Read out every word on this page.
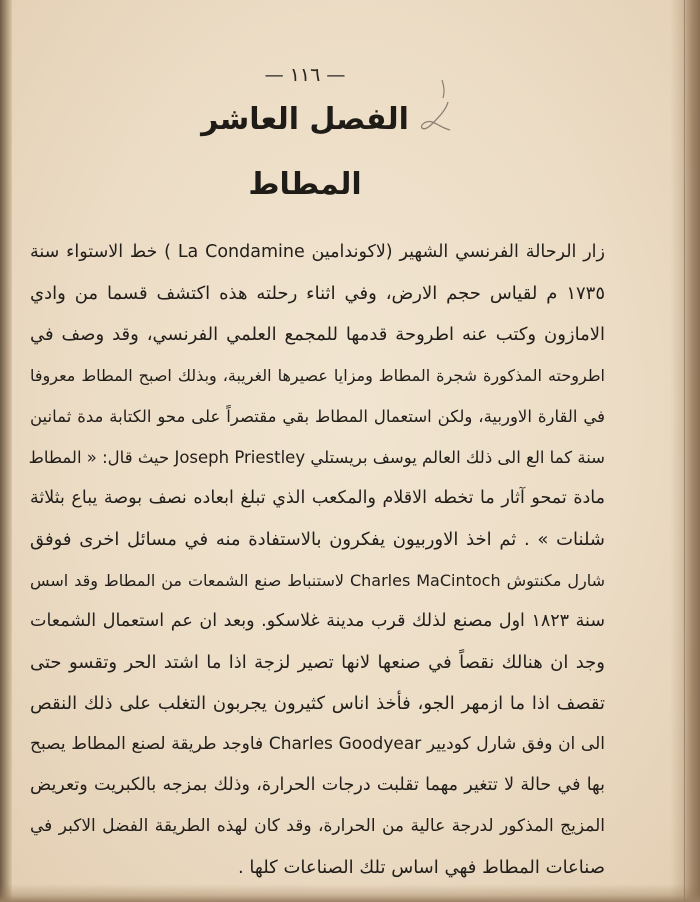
— ١١٦ —
الفصل العاشر
المطاط
زار الرحالة الفرنسي الشهير (لاكوندامين La Condamine ) خط الاستواء سنة
١٧٣٥ م لقياس حجم الارض، وفي اثناء رحلته هذه اكتشف قسما من وادي
الامازون وكتب عنه اطروحة قدمها للمجمع العلمي الفرنسي، وقد وصف في
اطروحته المذكورة شجرة المطاط ومزايا عصيرها الغريبة، وبذلك اصبح المطاط معروفا
في القارة الاوربية، ولكن استعمال المطاط بقي مقتصراً على محو الكتابة مدة ثمانين
سنة كما الع الى ذلك العالم يوسف بريستلي Joseph Priestley حيث قال: « المطاط
مادة تمحو آثار ما تخطه الاقلام والمكعب الذي تبلغ ابعاده نصف بوصة يباع بثلاثة
شلنات » . ثم اخذ الاوربيون يفكرون بالاستفادة منه في مسائل اخرى فوفق
شارل مكنتوش Charles MaCintoch لاستنباط صنع الشمعات من المطاط وقد اسس
سنة ١٨٢٣ اول مصنع لذلك قرب مدينة غلاسكو. وبعد ان عم استعمال الشمعات
وجد ان هنالك نقصاً في صنعها لانها تصير لزجة اذا ما اشتد الحر وتقسو حتى
تقصف اذا ما ازمهر الجو، فأخذ اناس كثيرون يجربون التغلب على ذلك النقص
الى ان وفق شارل كوديير Charles Goodyear فاوجد طريقة لصنع المطاط يصبح
بها في حالة لا تتغير مهما تقلبت درجات الحرارة، وذلك بمزجه بالكبريت وتعريض
المزيج المذكور لدرجة عالية من الحرارة، وقد كان لهذه الطريقة الفضل الاكبر في
صناعات المطاط فهي اساس تلك الصناعات كلها .
